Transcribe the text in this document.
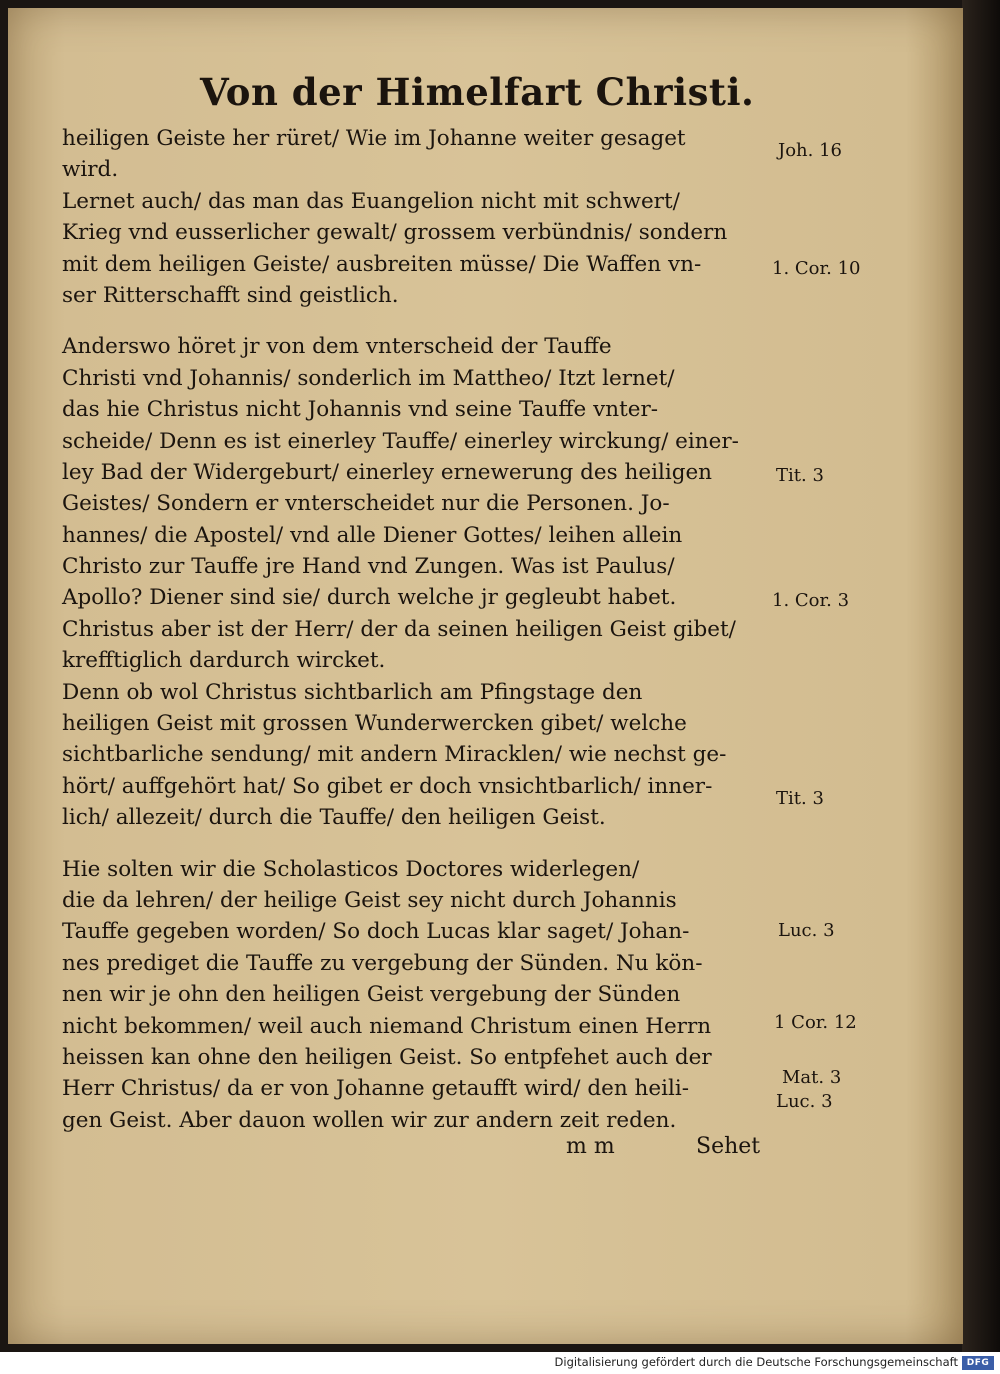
Von der Himelfart Christi.
heiligen Geiste her rüret/ Wie im Johanne weiter gesaget
wird.
Lernet auch/ das man das Euangelion nicht mit schwert/
Krieg vnd eusserlicher gewalt/ grossem verbündnis/ sondern
mit dem heiligen Geiste/ ausbreiten müsse/ Die Waffen vn-
ser Ritterschafft sind geistlich.
Anderswo höret jr von dem vnterscheid der Tauffe
Christi vnd Johannis/ sonderlich im Mattheo/ Itzt lernet/
das hie Christus nicht Johannis vnd seine Tauffe vnter-
scheide/ Denn es ist einerley Tauffe/ einerley wirckung/ einer-
ley Bad der Widergeburt/ einerley ernewerung des heiligen
Geistes/ Sondern er vnterscheidet nur die Personen. Jo-
hannes/ die Apostel/ vnd alle Diener Gottes/ leihen allein
Christo zur Tauffe jre Hand vnd Zungen. Was ist Paulus/
Apollo? Diener sind sie/ durch welche jr gegleubt habet.
Christus aber ist der Herr/ der da seinen heiligen Geist gibet/
krefftiglich dardurch wircket.
Denn ob wol Christus sichtbarlich am Pfingstage den
heiligen Geist mit grossen Wunderwercken gibet/ welche
sichtbarliche sendung/ mit andern Miracklen/ wie nechst ge-
hört/ auffgehört hat/ So gibet er doch vnsichtbarlich/ inner-
lich/ allezeit/ durch die Tauffe/ den heiligen Geist.
Hie solten wir die Scholasticos Doctores widerlegen/
die da lehren/ der heilige Geist sey nicht durch Johannis
Tauffe gegeben worden/ So doch Lucas klar saget/ Johan-
nes prediget die Tauffe zu vergebung der Sünden. Nu kön-
nen wir je ohn den heiligen Geist vergebung der Sünden
nicht bekommen/ weil auch niemand Christum einen Herrn
heissen kan ohne den heiligen Geist. So entpfehet auch der
Herr Christus/ da er von Johanne getaufft wird/ den heili-
gen Geist. Aber dauon wollen wir zur andern zeit reden.
Joh. 16
1. Cor. 10
Tit. 3
1. Cor. 3
Tit. 3
Luc. 3
1 Cor. 12
Mat. 3
Luc. 3
m m	Sehet
Digitalisierung gefördert durch die Deutsche Forschungsgemeinschaft DFG
